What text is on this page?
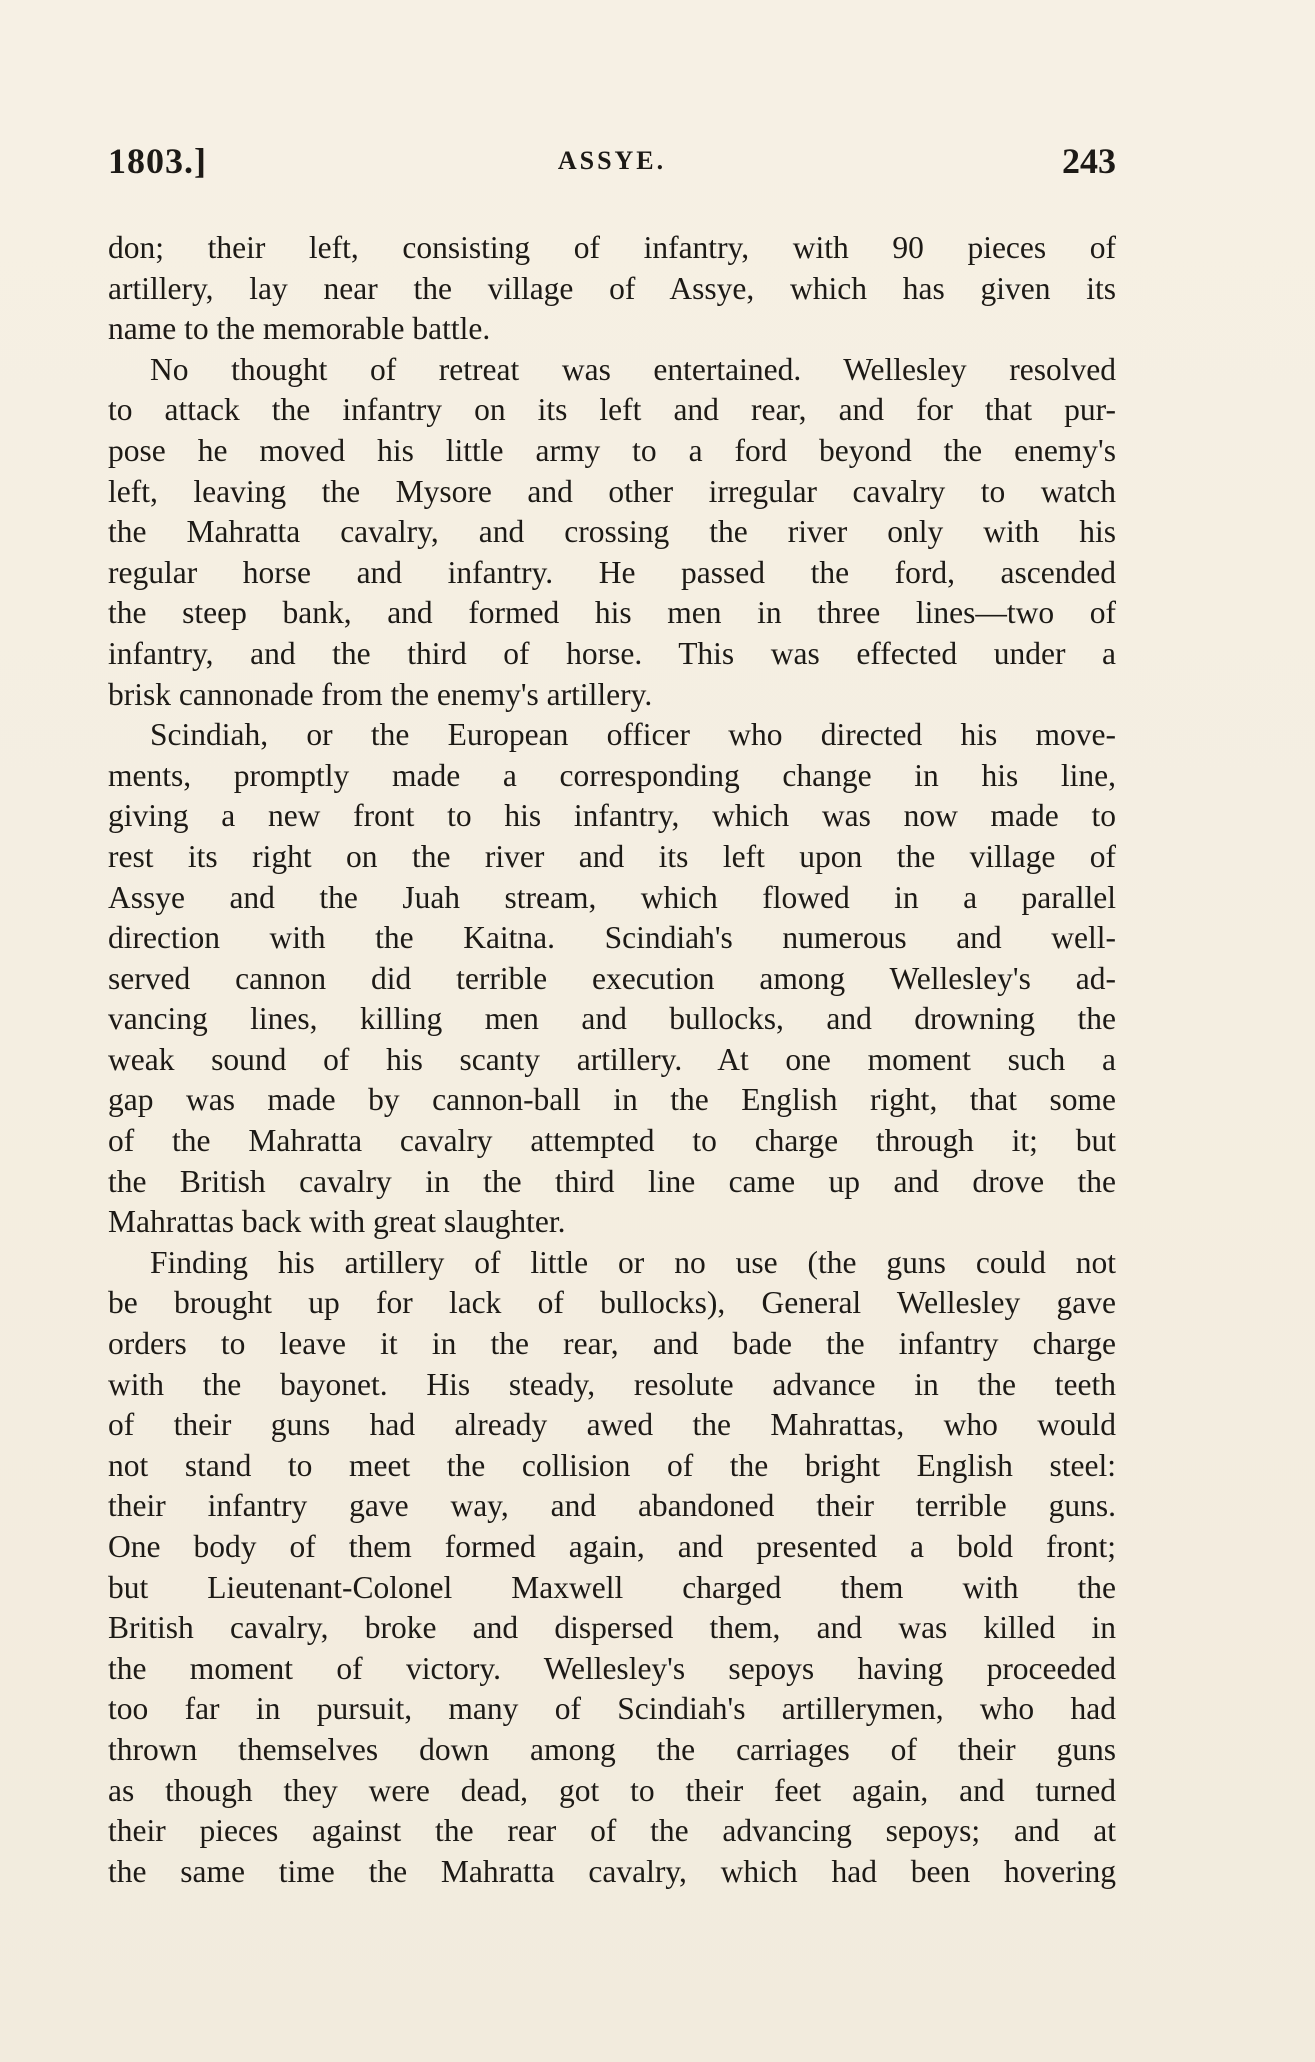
1803.]	ASSYE.	243
don; their left, consisting of infantry, with 90 pieces of
artillery, lay near the village of Assye, which has given its
name to the memorable battle.
No thought of retreat was entertained. Wellesley resolved
to attack the infantry on its left and rear, and for that pur-
pose he moved his little army to a ford beyond the enemy's
left, leaving the Mysore and other irregular cavalry to watch
the Mahratta cavalry, and crossing the river only with his
regular horse and infantry. He passed the ford, ascended
the steep bank, and formed his men in three lines—two of
infantry, and the third of horse. This was effected under a
brisk cannonade from the enemy's artillery.
Scindiah, or the European officer who directed his move-
ments, promptly made a corresponding change in his line,
giving a new front to his infantry, which was now made to
rest its right on the river and its left upon the village of
Assye and the Juah stream, which flowed in a parallel
direction with the Kaitna. Scindiah's numerous and well-
served cannon did terrible execution among Wellesley's ad-
vancing lines, killing men and bullocks, and drowning the
weak sound of his scanty artillery. At one moment such a
gap was made by cannon-ball in the English right, that some
of the Mahratta cavalry attempted to charge through it; but
the British cavalry in the third line came up and drove the
Mahrattas back with great slaughter.
Finding his artillery of little or no use (the guns could not
be brought up for lack of bullocks), General Wellesley gave
orders to leave it in the rear, and bade the infantry charge
with the bayonet. His steady, resolute advance in the teeth
of their guns had already awed the Mahrattas, who would
not stand to meet the collision of the bright English steel:
their infantry gave way, and abandoned their terrible guns.
One body of them formed again, and presented a bold front;
but Lieutenant-Colonel Maxwell charged them with the
British cavalry, broke and dispersed them, and was killed in
the moment of victory. Wellesley's sepoys having proceeded
too far in pursuit, many of Scindiah's artillerymen, who had
thrown themselves down among the carriages of their guns
as though they were dead, got to their feet again, and turned
their pieces against the rear of the advancing sepoys; and at
the same time the Mahratta cavalry, which had been hovering
